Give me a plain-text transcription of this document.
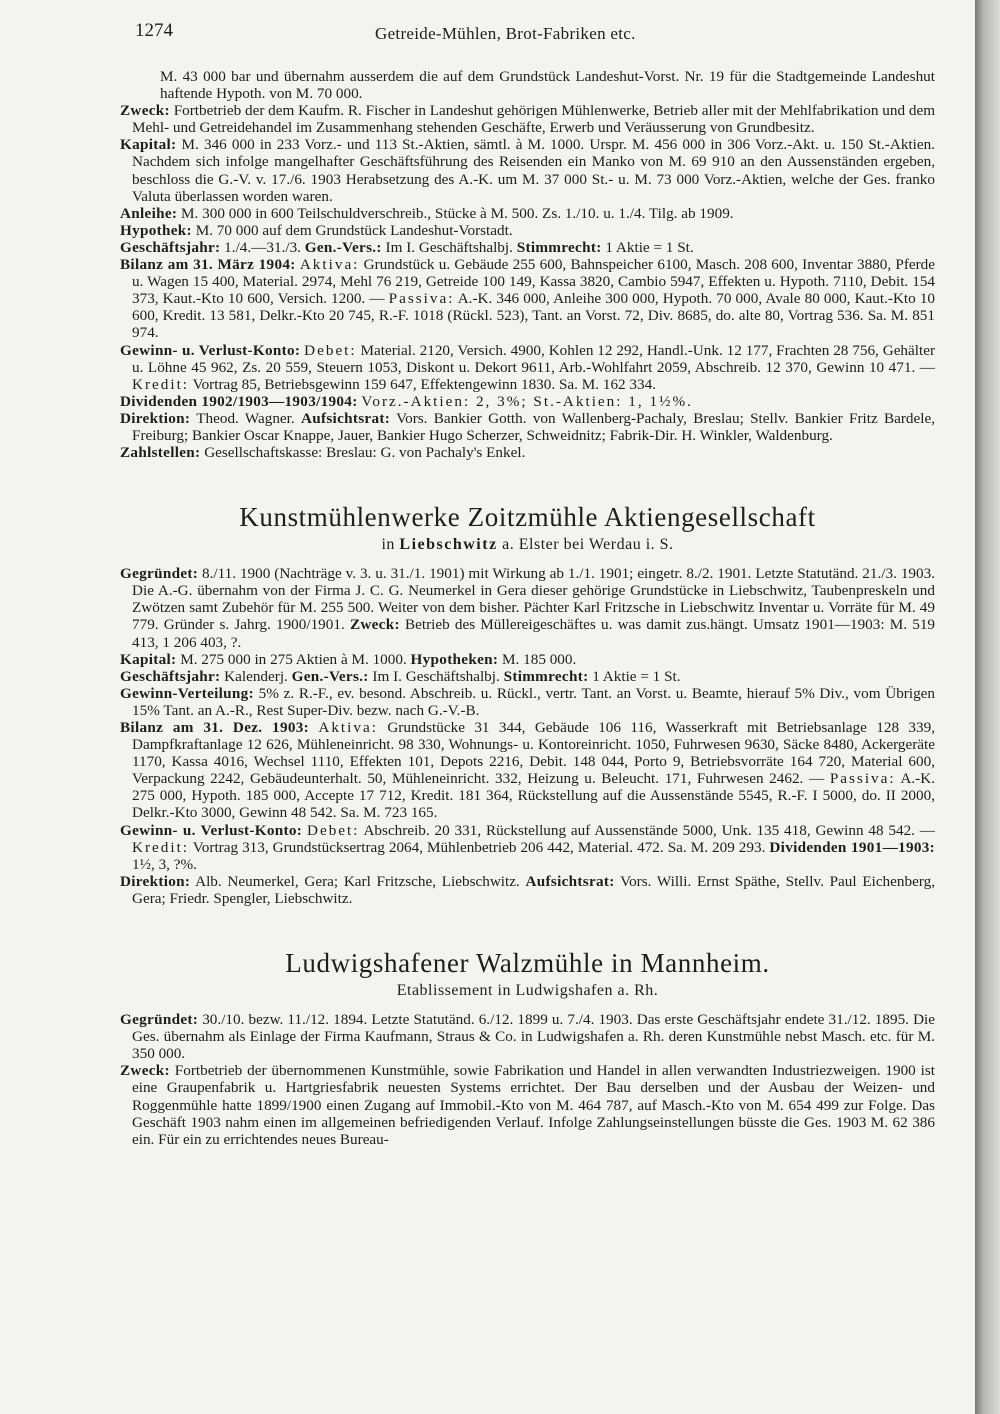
1274	Getreide-Mühlen, Brot-Fabriken etc.

M. 43 000 bar und übernahm ausserdem die auf dem Grundstück Landeshut-Vorst. Nr. 19 für die Stadtgemeinde Landeshut haftende Hypoth. von M. 70 000.

Zweck: Fortbetrieb der dem Kaufm. R. Fischer in Landeshut gehörigen Mühlenwerke, Betrieb aller mit der Mehlfabrikation und dem Mehl- und Getreidehandel im Zusammenhang stehenden Geschäfte, Erwerb und Veräusserung von Grundbesitz.

Kapital: M. 346 000 in 233 Vorz.- und 113 St.-Aktien, sämtl. à M. 1000. Urspr. M. 456 000 in 306 Vorz.-Akt. u. 150 St.-Aktien. Nachdem sich infolge mangelhafter Geschäftsführung des Reisenden ein Manko von M. 69 910 an den Aussenständen ergeben, beschloss die G.-V. v. 17./6. 1903 Herabsetzung des A.-K. um M. 37 000 St.- u. M. 73 000 Vorz.-Aktien, welche der Ges. franko Valuta überlassen worden waren.

Anleihe: M. 300 000 in 600 Teilschuldverschreib., Stücke à M. 500. Zs. 1./10. u. 1./4. Tilg. ab 1909.

Hypothek: M. 70 000 auf dem Grundstück Landeshut-Vorstadt.

Geschäftsjahr: 1./4.—31./3. Gen.-Vers.: Im I. Geschäftshalbj. Stimmrecht: 1 Aktie = 1 St.

Bilanz am 31. März 1904: Aktiva: Grundstück u. Gebäude 255 600, Bahnspeicher 6100, Masch. 208 600, Inventar 3880, Pferde u. Wagen 15 400, Material. 2974, Mehl 76 219, Getreide 100 149, Kassa 3820, Cambio 5947, Effekten u. Hypoth. 7110, Debit. 154 373, Kaut.-Kto 10 600, Versich. 1200. — Passiva: A.-K. 346 000, Anleihe 300 000, Hypoth. 70 000, Avale 80 000, Kaut.-Kto 10 600, Kredit. 13 581, Delkr.-Kto 20 745, R.-F. 1018 (Rückl. 523), Tant. an Vorst. 72, Div. 8685, do. alte 80, Vortrag 536. Sa. M. 851 974.

Gewinn- u. Verlust-Konto: Debet: Material. 2120, Versich. 4900, Kohlen 12 292, Handl.-Unk. 12 177, Frachten 28 756, Gehälter u. Löhne 45 962, Zs. 20 559, Steuern 1053, Diskont u. Dekort 9611, Arb.-Wohlfahrt 2059, Abschreib. 12 370, Gewinn 10 471. — Kredit: Vortrag 85, Betriebsgewinn 159 647, Effektengewinn 1830. Sa. M. 162 334.

Dividenden 1902/1903—1903/1904: Vorz.-Aktien: 2, 3%; St.-Aktien: 1, 1½%.

Direktion: Theod. Wagner. Aufsichtsrat: Vors. Bankier Gotth. von Wallenberg-Pachaly, Breslau; Stellv. Bankier Fritz Bardele, Freiburg; Bankier Oscar Knappe, Jauer, Bankier Hugo Scherzer, Schweidnitz; Fabrik-Dir. H. Winkler, Waldenburg.

Zahlstellen: Gesellschaftskasse: Breslau: G. von Pachaly's Enkel.

Kunstmühlenwerke Zoitzmühle Aktiengesellschaft

in Liebschwitz a. Elster bei Werdau i. S.

Gegründet: 8./11. 1900 (Nachträge v. 3. u. 31./1. 1901) mit Wirkung ab 1./1. 1901; eingetr. 8./2. 1901. Letzte Statutänd. 21./3. 1903. Die A.-G. übernahm von der Firma J. C. G. Neumerkel in Gera dieser gehörige Grundstücke in Liebschwitz, Taubenpreskeln und Zwötzen samt Zubehör für M. 255 500. Weiter von dem bisher. Pächter Karl Fritzsche in Liebschwitz Inventar u. Vorräte für M. 49 779. Gründer s. Jahrg. 1900/1901. Zweck: Betrieb des Müllereigeschäftes u. was damit zus.hängt. Umsatz 1901—1903: M. 519 413, 1 206 403, ?.

Kapital: M. 275 000 in 275 Aktien à M. 1000. Hypotheken: M. 185 000.

Geschäftsjahr: Kalenderj. Gen.-Vers.: Im I. Geschäftshalbj. Stimmrecht: 1 Aktie = 1 St.

Gewinn-Verteilung: 5% z. R.-F., ev. besond. Abschreib. u. Rückl., vertr. Tant. an Vorst. u. Beamte, hierauf 5% Div., vom Übrigen 15% Tant. an A.-R., Rest Super-Div. bezw. nach G.-V.-B.

Bilanz am 31. Dez. 1903: Aktiva: Grundstücke 31 344, Gebäude 106 116, Wasserkraft mit Betriebsanlage 128 339, Dampfkraftanlage 12 626, Mühleneinricht. 98 330, Wohnungs- u. Kontoreinricht. 1050, Fuhrwesen 9630, Säcke 8480, Ackergeräte 1170, Kassa 4016, Wechsel 1110, Effekten 101, Depots 2216, Debit. 148 044, Porto 9, Betriebsvorräte 164 720, Material 600, Verpackung 2242, Gebäudeunterhalt. 50, Mühleneinricht. 332, Heizung u. Beleucht. 171, Fuhrwesen 2462. — Passiva: A.-K. 275 000, Hypoth. 185 000, Accepte 17 712, Kredit. 181 364, Rückstellung auf die Aussenstände 5545, R.-F. I 5000, do. II 2000, Delkr.-Kto 3000, Gewinn 48 542. Sa. M. 723 165.

Gewinn- u. Verlust-Konto: Debet: Abschreib. 20 331, Rückstellung auf Aussenstände 5000, Unk. 135 418, Gewinn 48 542. — Kredit: Vortrag 313, Grundstücksertrag 2064, Mühlenbetrieb 206 442, Material. 472. Sa. M. 209 293. Dividenden 1901—1903: 1½, 3, ?%.

Direktion: Alb. Neumerkel, Gera; Karl Fritzsche, Liebschwitz. Aufsichtsrat: Vors. Willi. Ernst Späthe, Stellv. Paul Eichenberg, Gera; Friedr. Spengler, Liebschwitz.

Ludwigshafener Walzmühle in Mannheim.

Etablissement in Ludwigshafen a. Rh.

Gegründet: 30./10. bezw. 11./12. 1894. Letzte Statutänd. 6./12. 1899 u. 7./4. 1903. Das erste Geschäftsjahr endete 31./12. 1895. Die Ges. übernahm als Einlage der Firma Kaufmann, Straus & Co. in Ludwigshafen a. Rh. deren Kunstmühle nebst Masch. etc. für M. 350 000.

Zweck: Fortbetrieb der übernommenen Kunstmühle, sowie Fabrikation und Handel in allen verwandten Industriezweigen. 1900 ist eine Graupenfabrik u. Hartgriesfabrik neuesten Systems errichtet. Der Bau derselben und der Ausbau der Weizen- und Roggenmühle hatte 1899/1900 einen Zugang auf Immobil.-Kto von M. 464 787, auf Masch.-Kto von M. 654 499 zur Folge. Das Geschäft 1903 nahm einen im allgemeinen befriedigenden Verlauf. Infolge Zahlungseinstellungen büsste die Ges. 1903 M. 62 386 ein. Für ein zu errichtendes neues Bureau-
